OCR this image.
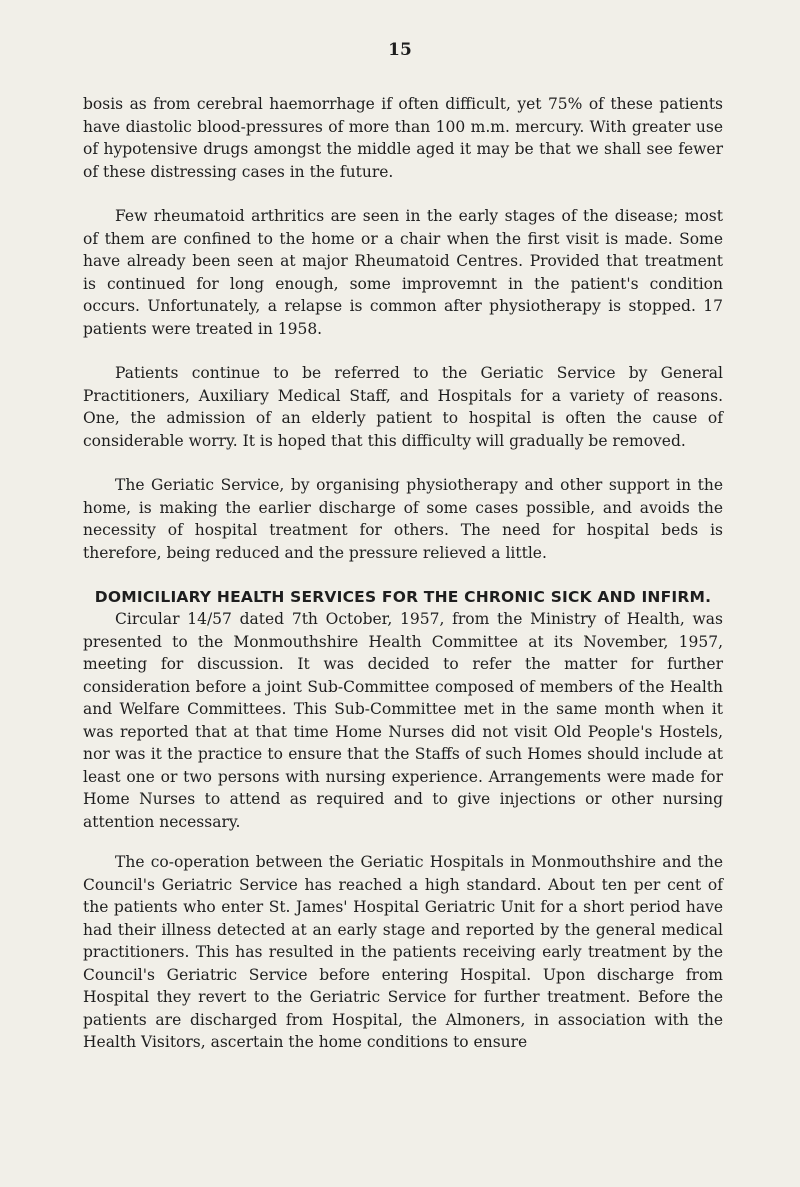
15

bosis as from cerebral haemorrhage if often difficult, yet 75% of these patients have diastolic blood-pressures of more than 100 m.m. mercury. With greater use of hypotensive drugs amongst the middle aged it may be that we shall see fewer of these distressing cases in the future.

Few rheumatoid arthritics are seen in the early stages of the disease; most of them are confined to the home or a chair when the first visit is made. Some have already been seen at major Rheumatoid Centres. Provided that treatment is continued for long enough, some improvemnt in the patient's condition occurs. Unfortunately, a relapse is common after physiotherapy is stopped. 17 patients were treated in 1958.

Patients continue to be referred to the Geriatic Service by General Practitioners, Auxiliary Medical Staff, and Hospitals for a variety of reasons. One, the admission of an elderly patient to hospital is often the cause of considerable worry. It is hoped that this difficulty will gradually be removed.

The Geriatic Service, by organising physiotherapy and other support in the home, is making the earlier discharge of some cases possible, and avoids the necessity of hospital treatment for others. The need for hospital beds is therefore, being reduced and the pressure relieved a little.

DOMICILIARY HEALTH SERVICES FOR THE CHRONIC SICK AND INFIRM.

Circular 14/57 dated 7th October, 1957, from the Ministry of Health, was presented to the Monmouthshire Health Committee at its November, 1957, meeting for discussion. It was decided to refer the matter for further consideration before a joint Sub-Committee composed of members of the Health and Welfare Committees. This Sub-Committee met in the same month when it was reported that at that time Home Nurses did not visit Old People's Hostels, nor was it the practice to ensure that the Staffs of such Homes should include at least one or two persons with nursing experience. Arrangements were made for Home Nurses to attend as required and to give injections or other nursing attention necessary.

The co-operation between the Geriatic Hospitals in Monmouthshire and the Council's Geriatric Service has reached a high standard. About ten per cent of the patients who enter St. James' Hospital Geriatric Unit for a short period have had their illness detected at an early stage and reported by the general medical practitioners. This has resulted in the patients receiving early treatment by the Council's Geriatric Service before entering Hospital. Upon discharge from Hospital they revert to the Geriatric Service for further treatment. Before the patients are discharged from Hospital, the Almoners, in association with the Health Visitors, ascertain the home conditions to ensure
